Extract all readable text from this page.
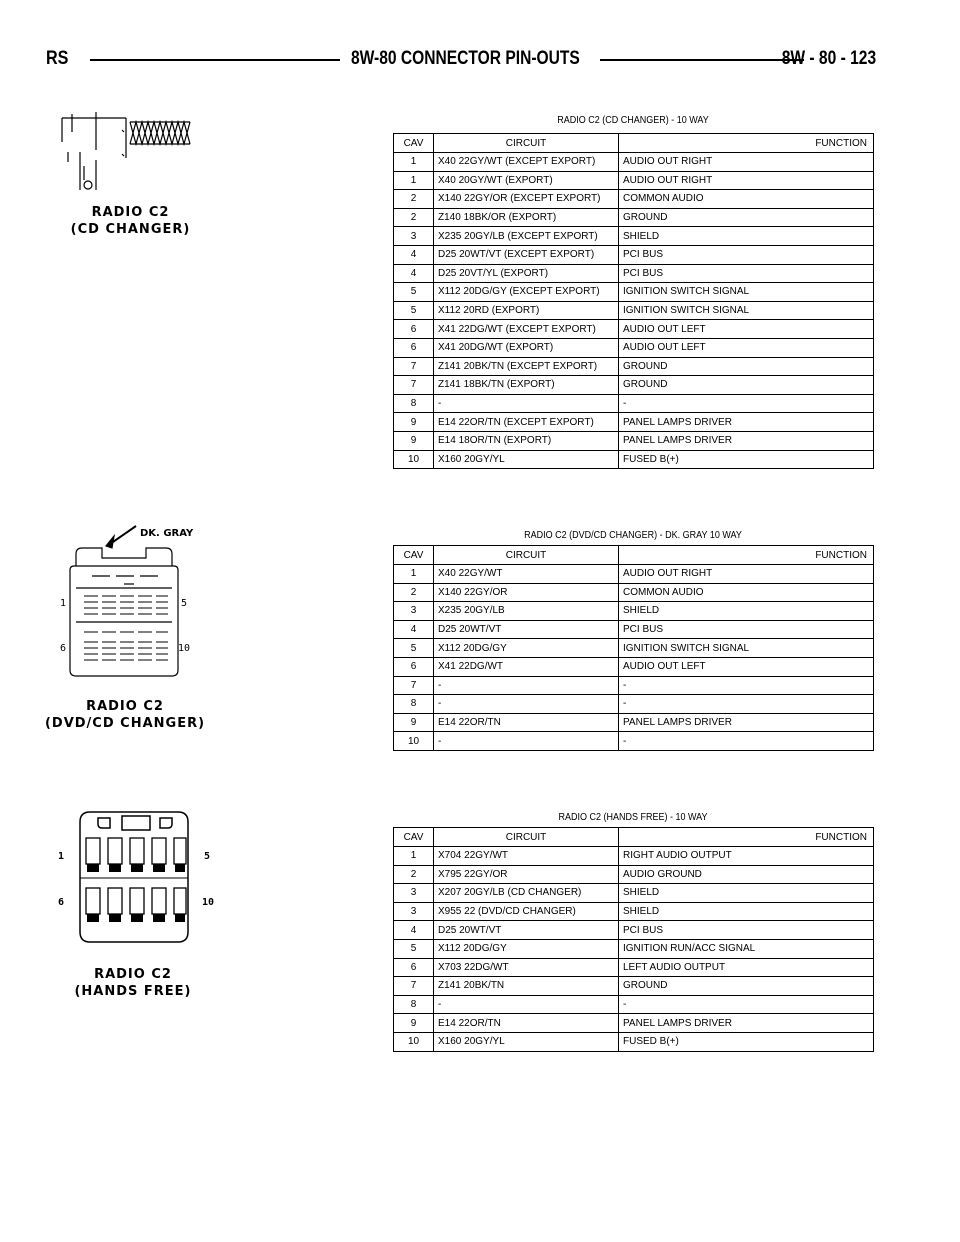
RS	8W-80 CONNECTOR PIN-OUTS	8W - 80 - 123
RADIO C2
(CD CHANGER)
RADIO C2 (CD CHANGER) - 10 WAY
CAV	CIRCUIT	FUNCTION
1	X40 22GY/WT (EXCEPT EXPORT)	AUDIO OUT RIGHT
1	X40 20GY/WT (EXPORT)	AUDIO OUT RIGHT
2	X140 22GY/OR (EXCEPT EXPORT)	COMMON AUDIO
2	Z140 18BK/OR (EXPORT)	GROUND
3	X235 20GY/LB (EXCEPT EXPORT)	SHIELD
4	D25 20WT/VT (EXCEPT EXPORT)	PCI BUS
4	D25 20VT/YL (EXPORT)	PCI BUS
5	X112 20DG/GY (EXCEPT EXPORT)	IGNITION SWITCH SIGNAL
5	X112 20RD (EXPORT)	IGNITION SWITCH SIGNAL
6	X41 22DG/WT (EXCEPT EXPORT)	AUDIO OUT LEFT
6	X41 20DG/WT (EXPORT)	AUDIO OUT LEFT
7	Z141 20BK/TN (EXCEPT EXPORT)	GROUND
7	Z141 18BK/TN (EXPORT)	GROUND
8	-	-
9	E14 22OR/TN (EXCEPT EXPORT)	PANEL LAMPS DRIVER
9	E14 18OR/TN (EXPORT)	PANEL LAMPS DRIVER
10	X160 20GY/YL	FUSED B(+)
DK. GRAY
1	5
6	10
RADIO C2
(DVD/CD CHANGER)
RADIO C2 (DVD/CD CHANGER) - DK. GRAY 10 WAY
CAV	CIRCUIT	FUNCTION
1	X40 22GY/WT	AUDIO OUT RIGHT
2	X140 22GY/OR	COMMON AUDIO
3	X235 20GY/LB	SHIELD
4	D25 20WT/VT	PCI BUS
5	X112 20DG/GY	IGNITION SWITCH SIGNAL
6	X41 22DG/WT	AUDIO OUT LEFT
7	-	-
8	-	-
9	E14 22OR/TN	PANEL LAMPS DRIVER
10	-	-
1	5
6	10
RADIO C2
(HANDS FREE)
RADIO C2 (HANDS FREE) - 10 WAY
CAV	CIRCUIT	FUNCTION
1	X704 22GY/WT	RIGHT AUDIO OUTPUT
2	X795 22GY/OR	AUDIO GROUND
3	X207 20GY/LB (CD CHANGER)	SHIELD
3	X955 22 (DVD/CD CHANGER)	SHIELD
4	D25 20WT/VT	PCI BUS
5	X112 20DG/GY	IGNITION RUN/ACC SIGNAL
6	X703 22DG/WT	LEFT AUDIO OUTPUT
7	Z141 20BK/TN	GROUND
8	-	-
9	E14 22OR/TN	PANEL LAMPS DRIVER
10	X160 20GY/YL	FUSED B(+)
